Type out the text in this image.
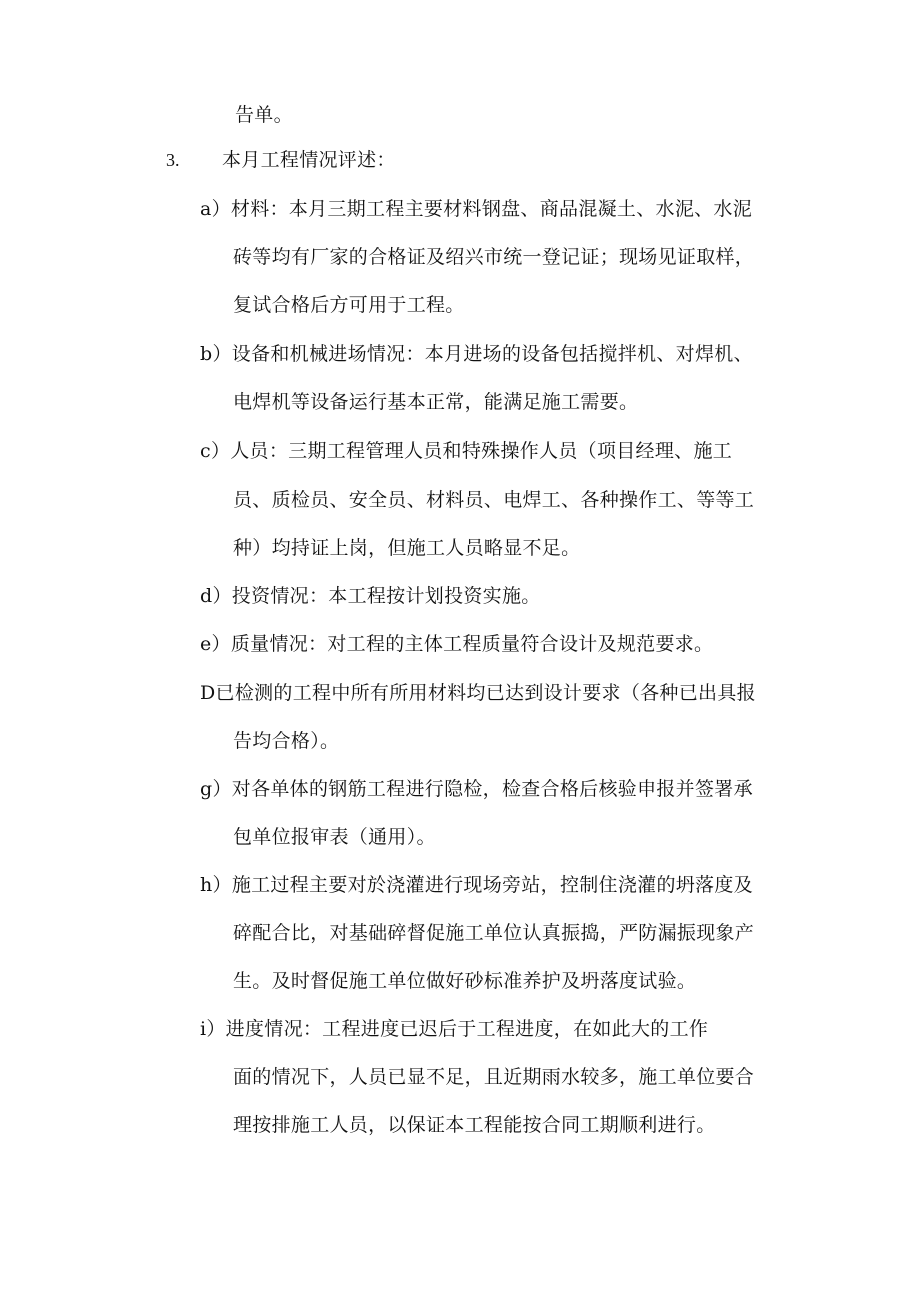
告单。
3. 本月工程情况评述：
a）材料：本月三期工程主要材料钢盘、商品混凝土、水泥、水泥
砖等均有厂家的合格证及绍兴市统一登记证；现场见证取样，
复试合格后方可用于工程。
b）设备和机械进场情况：本月进场的设备包括搅拌机、对焊机、
电焊机等设备运行基本正常，能满足施工需要。
c）人员：三期工程管理人员和特殊操作人员（项目经理、施工
员、质检员、安全员、材料员、电焊工、各种操作工、等等工
种）均持证上岗，但施工人员略显不足。
d）投资情况：本工程按计划投资实施。
e）质量情况：对工程的主体工程质量符合设计及规范要求。
D已检测的工程中所有所用材料均已达到设计要求（各种已出具报
告均合格）。
g）对各单体的钢筋工程进行隐检，检查合格后核验申报并签署承
包单位报审表（通用）。
h）施工过程主要对於浇灌进行现场旁站，控制住浇灌的坍落度及
碎配合比，对基础碎督促施工单位认真振捣，严防漏振现象产
生。及时督促施工单位做好砂标准养护及坍落度试验。
i）进度情况：工程进度已迟后于工程进度，在如此大的工作
面的情况下，人员已显不足，且近期雨水较多，施工单位要合
理按排施工人员，以保证本工程能按合同工期顺利进行。
